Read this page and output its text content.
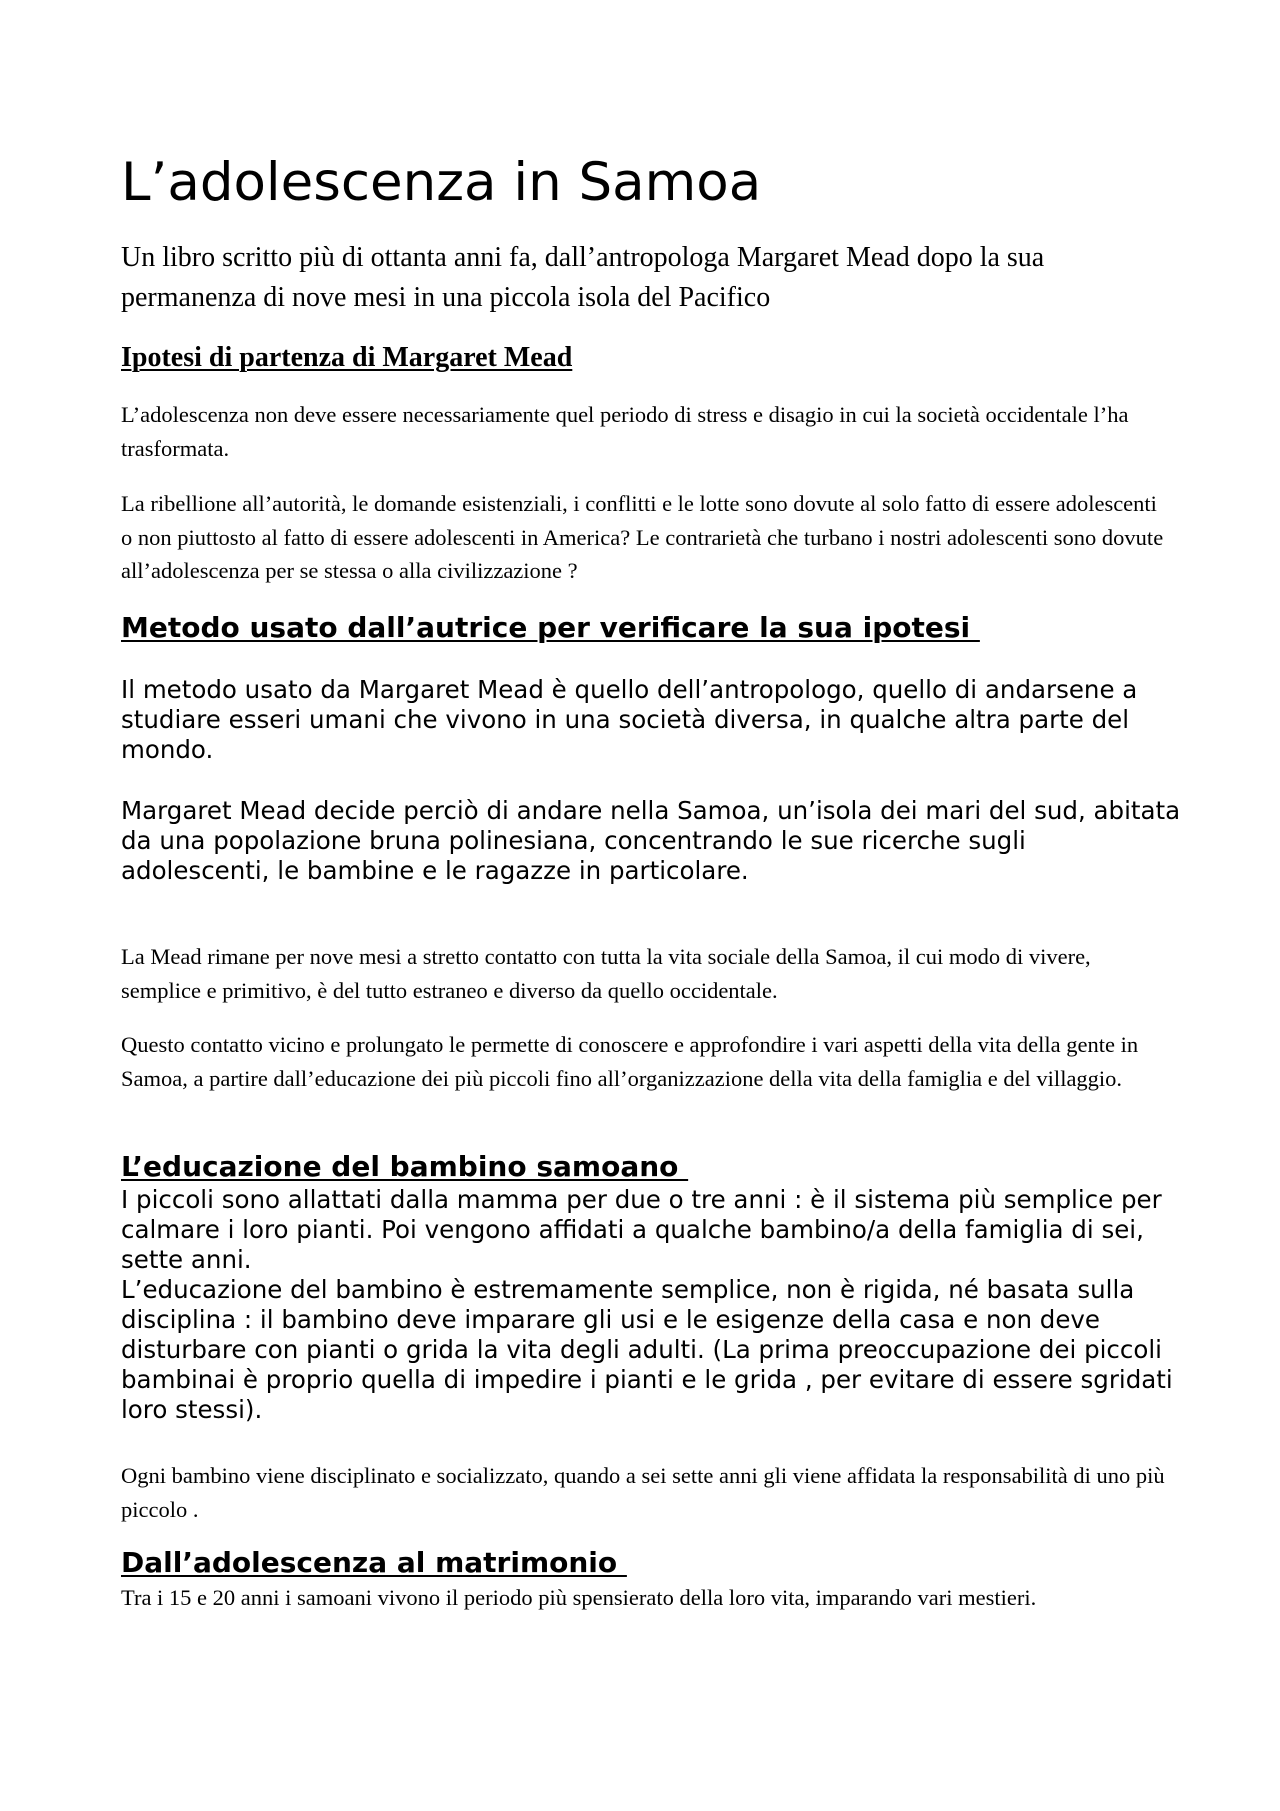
L’adolescenza in Samoa

Un libro scritto più di ottanta anni fa, dall’antropologa Margaret Mead dopo la sua permanenza di nove mesi in una piccola isola del Pacifico

Ipotesi di partenza di Margaret Mead

L’adolescenza non deve essere necessariamente quel periodo di stress e disagio in cui la società occidentale l’ha trasformata.

La ribellione all’autorità, le domande esistenziali, i conflitti e le lotte sono dovute al solo fatto di essere adolescenti o non piuttosto al fatto di essere adolescenti in America? Le contrarietà che turbano i nostri adolescenti sono dovute all’adolescenza per se stessa o alla civilizzazione ?

Metodo usato dall’autrice per verificare la sua ipotesi

Il metodo usato da Margaret Mead è quello dell’antropologo, quello di andarsene a studiare esseri umani che vivono in una società diversa, in qualche altra parte del mondo.

Margaret Mead decide perciò di andare nella Samoa, un’isola dei mari del sud, abitata da una popolazione bruna polinesiana, concentrando le sue ricerche sugli adolescenti, le bambine e le ragazze in particolare.

La Mead rimane per nove mesi a stretto contatto con tutta la vita sociale della Samoa, il cui modo di vivere, semplice e primitivo, è del tutto estraneo e diverso da quello occidentale.

Questo contatto vicino e prolungato le permette di conoscere e approfondire i vari aspetti della vita della gente in Samoa, a partire dall’educazione dei più piccoli fino all’organizzazione della vita della famiglia e del villaggio.

L’educazione del bambino samoano

I piccoli sono allattati dalla mamma per due o tre anni : è il sistema più semplice per calmare i loro pianti. Poi vengono affidati a qualche bambino/a della famiglia di sei, sette anni.

L’educazione del bambino è estremamente semplice, non è rigida, né basata sulla disciplina : il bambino deve imparare gli usi e le esigenze della casa e non deve disturbare con pianti o grida la vita degli adulti. (La prima preoccupazione dei piccoli bambinai è proprio quella di impedire i pianti e le grida , per evitare di essere sgridati loro stessi).

Ogni bambino viene disciplinato e socializzato, quando a sei sette anni gli viene affidata la responsabilità di uno più piccolo .

Dall’adolescenza al matrimonio

Tra i 15 e 20 anni i samoani vivono il periodo più spensierato della loro vita, imparando vari mestieri.
